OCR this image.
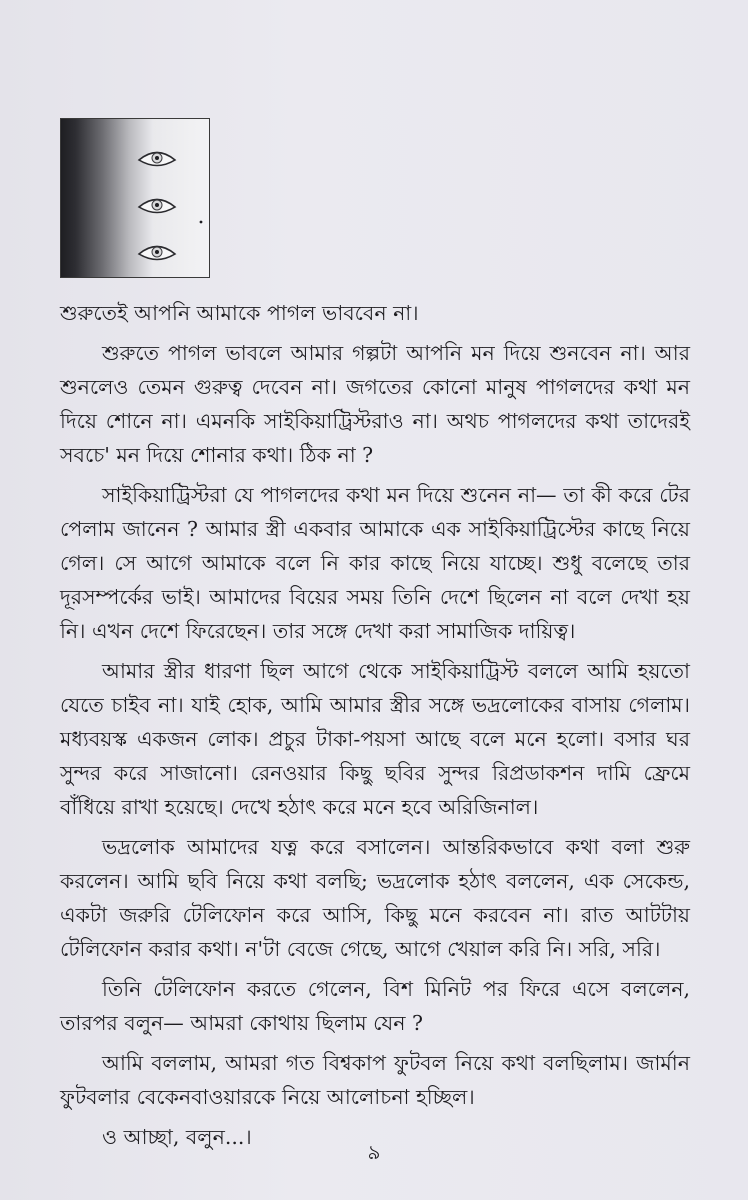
শুরুতেই আপনি আমাকে পাগল ভাববেন না।

শুরুতে পাগল ভাবলে আমার গল্পটা আপনি মন দিয়ে শুনবেন না। আর শুনলেও তেমন গুরুত্ব দেবেন না। জগতের কোনো মানুষ পাগলদের কথা মন দিয়ে শোনে না। এমনকি সাইকিয়াট্রিস্টরাও না। অথচ পাগলদের কথা তাদেরই সবচে' মন দিয়ে শোনার কথা। ঠিক না ?

সাইকিয়াট্রিস্টরা যে পাগলদের কথা মন দিয়ে শুনেন না— তা কী করে টের পেলাম জানেন ? আমার স্ত্রী একবার আমাকে এক সাইকিয়াট্রিস্টের কাছে নিয়ে গেল। সে আগে আমাকে বলে নি কার কাছে নিয়ে যাচ্ছে। শুধু বলেছে তার দূরসম্পর্কের ভাই। আমাদের বিয়ের সময় তিনি দেশে ছিলেন না বলে দেখা হয় নি। এখন দেশে ফিরেছেন। তার সঙ্গে দেখা করা সামাজিক দায়িত্ব।

আমার স্ত্রীর ধারণা ছিল আগে থেকে সাইকিয়াট্রিস্ট বললে আমি হয়তো যেতে চাইব না। যাই হোক, আমি আমার স্ত্রীর সঙ্গে ভদ্রলোকের বাসায় গেলাম। মধ্যবয়স্ক একজন লোক। প্রচুর টাকা-পয়সা আছে বলে মনে হলো। বসার ঘর সুন্দর করে সাজানো। রেনওয়ার কিছু ছবির সুন্দর রিপ্রডাকশন দামি ফ্রেমে বাঁধিয়ে রাখা হয়েছে। দেখে হঠাৎ করে মনে হবে অরিজিনাল।

ভদ্রলোক আমাদের যত্ন করে বসালেন। আন্তরিকভাবে কথা বলা শুরু করলেন। আমি ছবি নিয়ে কথা বলছি; ভদ্রলোক হঠাৎ বললেন, এক সেকেন্ড, একটা জরুরি টেলিফোন করে আসি, কিছু মনে করবেন না। রাত আটটায় টেলিফোন করার কথা। ন'টা বেজে গেছে, আগে খেয়াল করি নি। সরি, সরি।

তিনি টেলিফোন করতে গেলেন, বিশ মিনিট পর ফিরে এসে বললেন, তারপর বলুন— আমরা কোথায় ছিলাম যেন ?

আমি বললাম, আমরা গত বিশ্বকাপ ফুটবল নিয়ে কথা বলছিলাম। জার্মান ফুটবলার বেকেনবাওয়ারকে নিয়ে আলোচনা হচ্ছিল।

ও আচ্ছা, বলুন...।

৯
